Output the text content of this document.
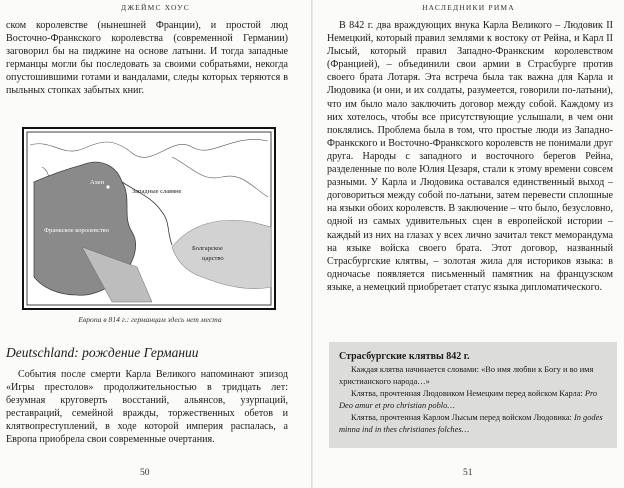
ДЖЕЙМС ХОУС

ском королевстве (нынешней Франции), и простой люд Восточно-Франкского королевства (современной Германии) заговорил бы на пиджине на основе латыни. И тогда западные германцы могли бы последовать за своими собратьями, некогда опустошившими готами и вандалами, следы которых теряются в пыльных стопках забытых книг.

Ахен
Западные славяне
Франкское королевство
Болгарское
царство
Европа в 814 г.: германцам здесь нет места
Deutschland: рождение Германии

События после смерти Карла Великого напоминают эпизод «Игры престолов» продолжительностью в тридцать лет: безумная круговерть восстаний, альянсов, узурпаций, реставраций, семейной вражды, торжественных обетов и клятвопреступлений, в ходе которой империя распалась, а Европа приобрела свои современные очертания.

50
НАСЛЕДНИКИ РИМА

В 842 г. два враждующих внука Карла Великого – Людовик II Немецкий, который правил землями к востоку от Рейна, и Карл II Лысый, который правил Западно-Франкским королевством (Францией), – объединили свои армии в Страсбурге против своего брата Лотаря. Эта встреча была так важна для Карла и Людовика (и они, и их солдаты, разумеется, говорили по-латыни), что им было мало заключить договор между собой. Каждому из них хотелось, чтобы все присутствующие услышали, в чем они поклялись. Проблема была в том, что простые люди из Западно-Франкского и Восточно-Франкского королевств не понимали друг друга. Народы с западного и восточного берегов Рейна, разделенные по воле Юлия Цезаря, стали к этому времени совсем разными. У Карла и Людовика оставался единственный выход – договориться между собой по-латыни, затем перевести сплошные на языки обоих королевств. В заключение – что было, безусловно, одной из самых удивительных сцен в европейской истории – каждый из них на глазах у всех лично зачитал текст меморандума на языке войска своего брата. Этот договор, названный Страсбургские клятвы, – золотая жила для историков языка: в одночасье появляется письменный памятник на французском языке, а немецкий приобретает статус языка дипломатического.

Страсбургские клятвы 842 г.

Каждая клятва начинается словами: «Во имя любви к Богу и во имя христианского народа…»

Клятва, прочтенная Людовиком Немецким перед войском Карла: Pro Deo amur et pro christian poblo…

Клятва, прочтенная Карлом Лысым перед войском Людовика: In godes minna ind in thes christianes folches…

51
